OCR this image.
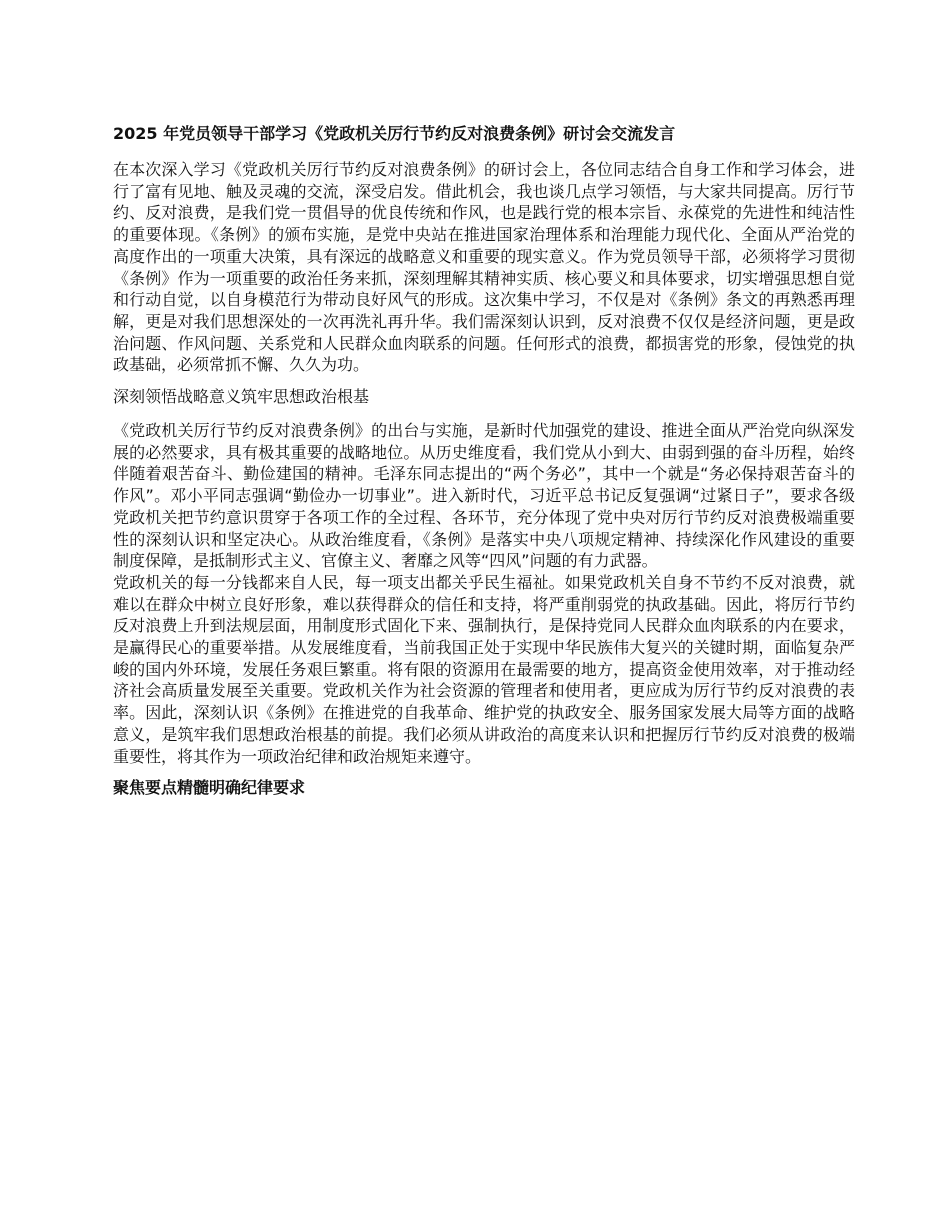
2025 年党员领导干部学习《党政机关厉行节约反对浪费条例》研讨会交流发言

在本次深入学习《党政机关厉行节约反对浪费条例》的研讨会上，各位同志结合自身工作和学习体会，进行了富有见地、触及灵魂的交流，深受启发。借此机会，我也谈几点学习领悟，与大家共同提高。厉行节约、反对浪费，是我们党一贯倡导的优良传统和作风，也是践行党的根本宗旨、永葆党的先进性和纯洁性的重要体现。《条例》的颁布实施，是党中央站在推进国家治理体系和治理能力现代化、全面从严治党的高度作出的一项重大决策，具有深远的战略意义和重要的现实意义。作为党员领导干部，必须将学习贯彻《条例》作为一项重要的政治任务来抓，深刻理解其精神实质、核心要义和具体要求，切实增强思想自觉和行动自觉，以自身模范行为带动良好风气的形成。这次集中学习，不仅是对《条例》条文的再熟悉再理解，更是对我们思想深处的一次再洗礼再升华。我们需深刻认识到，反对浪费不仅仅是经济问题，更是政治问题、作风问题、关系党和人民群众血肉联系的问题。任何形式的浪费，都损害党的形象，侵蚀党的执政基础，必须常抓不懈、久久为功。

深刻领悟战略意义筑牢思想政治根基

《党政机关厉行节约反对浪费条例》的出台与实施，是新时代加强党的建设、推进全面从严治党向纵深发展的必然要求，具有极其重要的战略地位。从历史维度看，我们党从小到大、由弱到强的奋斗历程，始终伴随着艰苦奋斗、勤俭建国的精神。毛泽东同志提出的“两个务必”，其中一个就是“务必保持艰苦奋斗的作风”。邓小平同志强调“勤俭办一切事业”。进入新时代，习近平总书记反复强调“过紧日子”，要求各级党政机关把节约意识贯穿于各项工作的全过程、各环节，充分体现了党中央对厉行节约反对浪费极端重要性的深刻认识和坚定决心。从政治维度看，《条例》是落实中央八项规定精神、持续深化作风建设的重要制度保障，是抵制形式主义、官僚主义、奢靡之风等“四风”问题的有力武器。

党政机关的每一分钱都来自人民，每一项支出都关乎民生福祉。如果党政机关自身不节约不反对浪费，就难以在群众中树立良好形象，难以获得群众的信任和支持，将严重削弱党的执政基础。因此，将厉行节约反对浪费上升到法规层面，用制度形式固化下来、强制执行，是保持党同人民群众血肉联系的内在要求，是赢得民心的重要举措。从发展维度看，当前我国正处于实现中华民族伟大复兴的关键时期，面临复杂严峻的国内外环境，发展任务艰巨繁重。将有限的资源用在最需要的地方，提高资金使用效率，对于推动经济社会高质量发展至关重要。党政机关作为社会资源的管理者和使用者，更应成为厉行节约反对浪费的表率。因此，深刻认识《条例》在推进党的自我革命、维护党的执政安全、服务国家发展大局等方面的战略意义，是筑牢我们思想政治根基的前提。我们必须从讲政治的高度来认识和把握厉行节约反对浪费的极端重要性，将其作为一项政治纪律和政治规矩来遵守。

聚焦要点精髓明确纪律要求
